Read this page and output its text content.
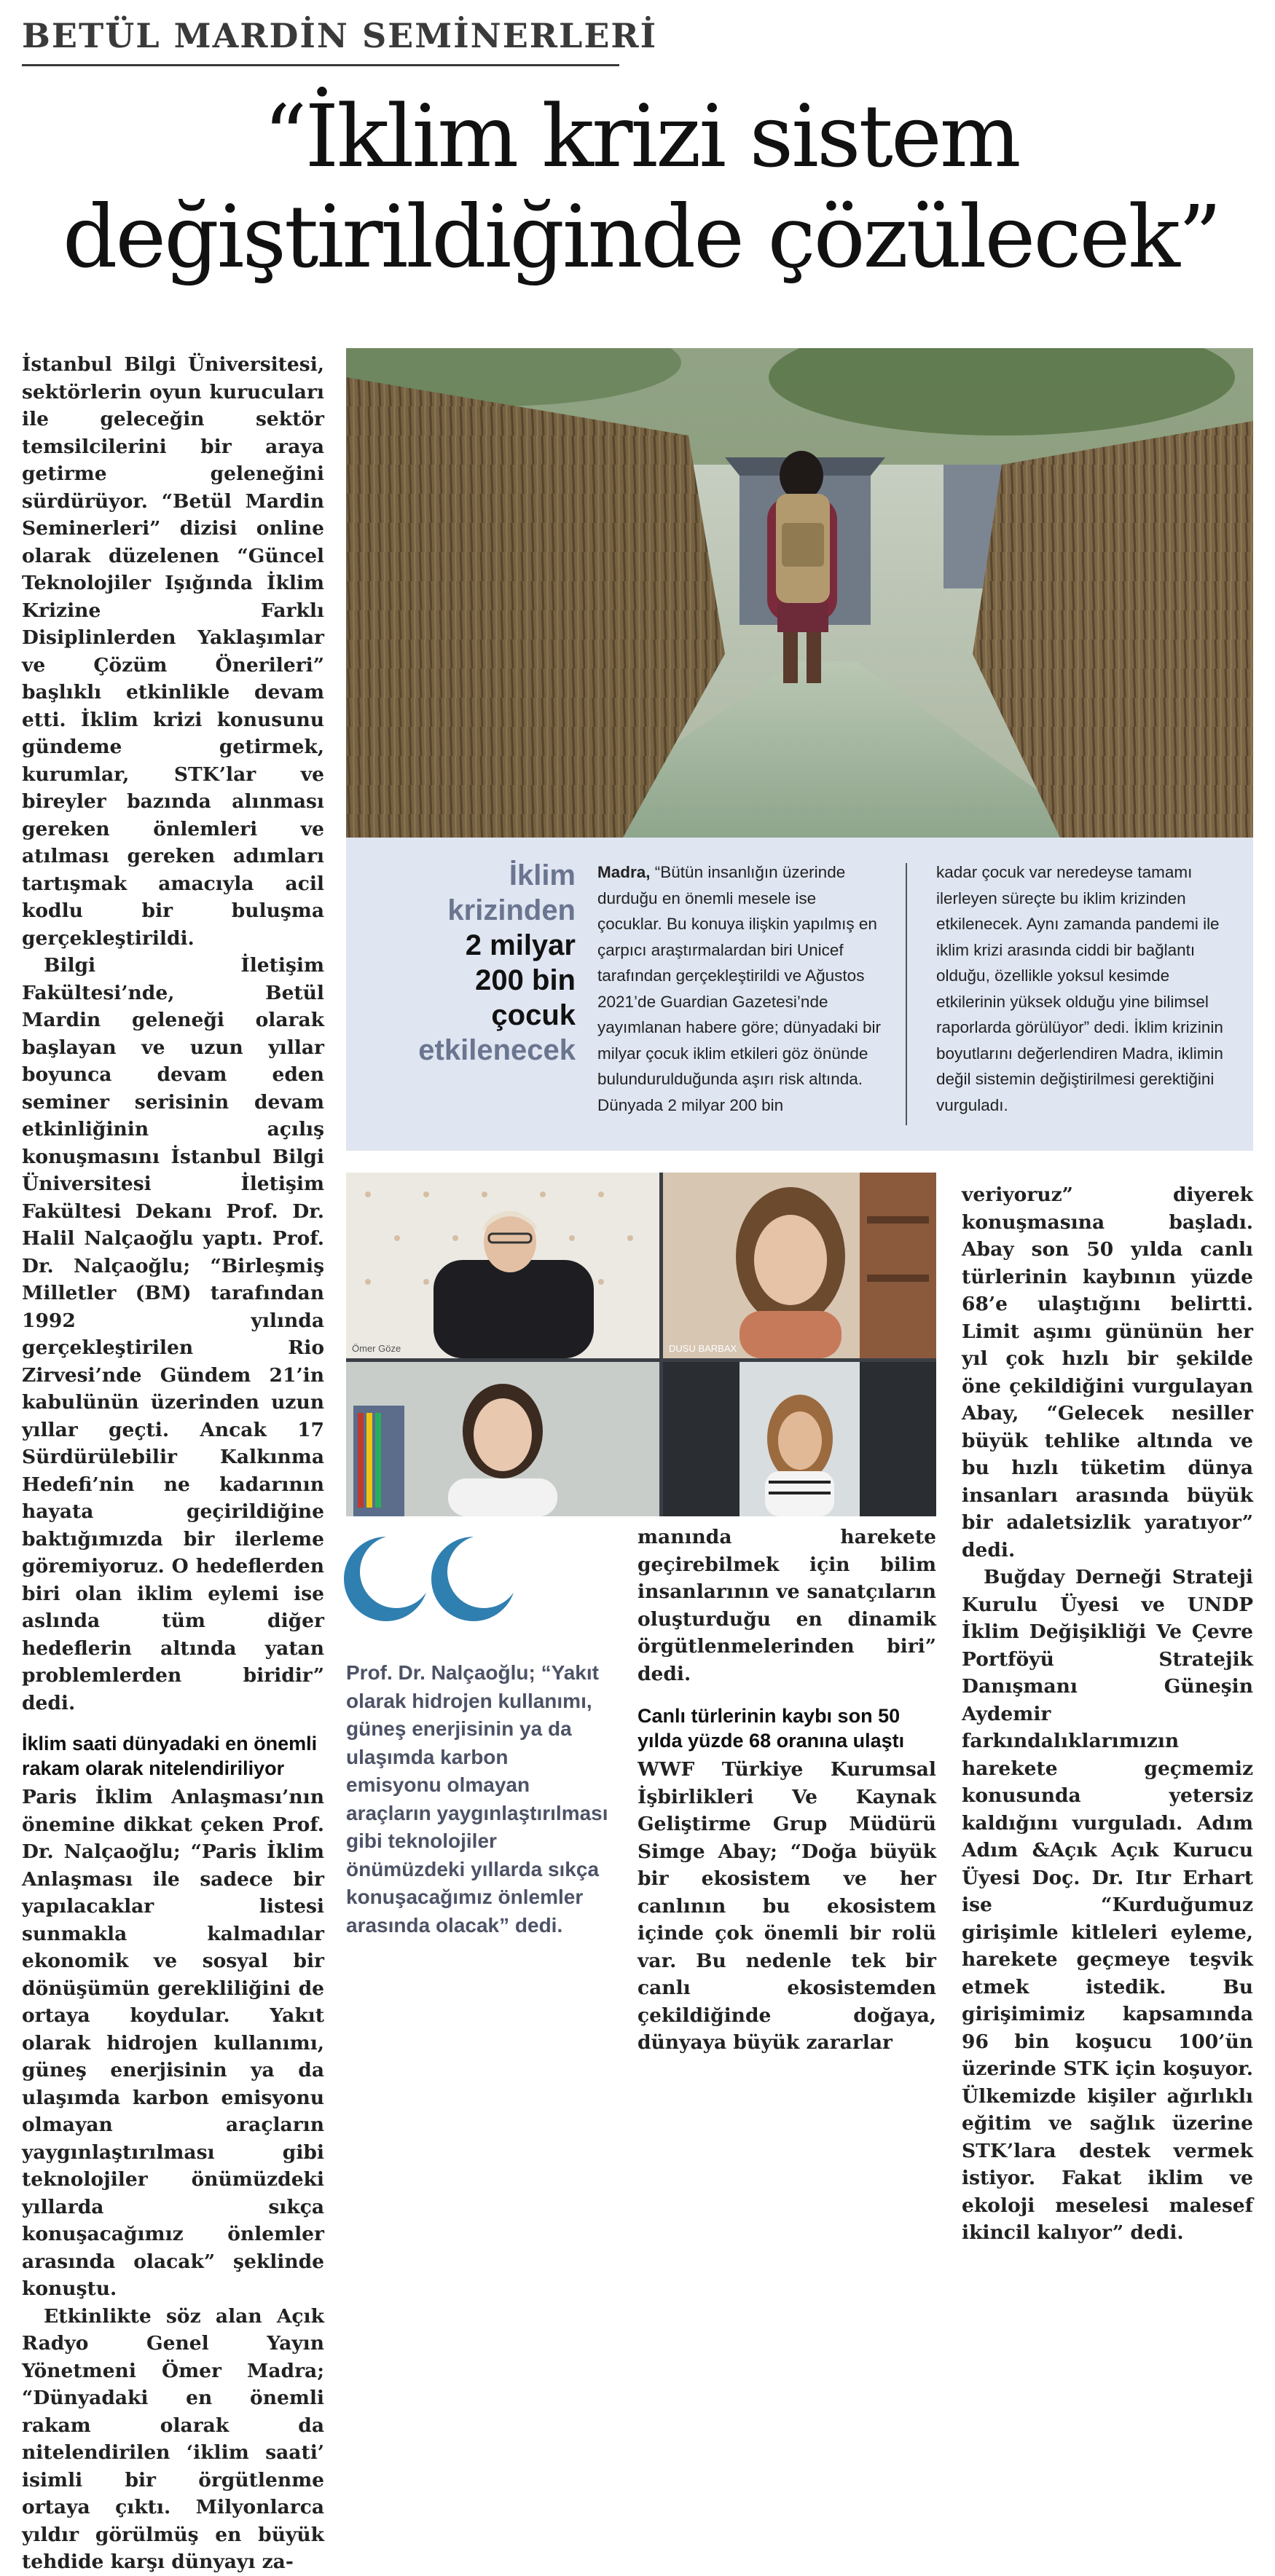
BETÜL MARDİN SEMİNERLERİ
“İklim krizi sistem
değiştirildiğinde çözülecek”

İstanbul Bilgi Üniversitesi, sektörlerin oyun kurucuları ile geleceğin sektör temsilcilerini bir araya getirme geleneğini sürdürüyor. “Betül Mardin Seminerleri” dizisi online olarak düzelenen “Güncel Teknolojiler Işığında İklim Krizine Farklı Disiplinlerden Yaklaşımlar ve Çözüm Önerileri” başlıklı etkinlikle devam etti. İklim krizi konusunu gündeme getirmek, kurumlar, STK’lar ve bireyler bazında alınması gereken önlemleri ve atılması gereken adımları tartışmak amacıyla acil kodlu bir buluşma gerçekleştirildi.

Bilgi İletişim Fakültesi’nde, Betül Mardin geleneği olarak başlayan ve uzun yıllar boyunca devam eden seminer serisinin devam etkinliğinin açılış konuşmasını İstanbul Bilgi Üniversitesi İletişim Fakültesi Dekanı Prof. Dr. Halil Nalçaoğlu yaptı. Prof. Dr. Nalçaoğlu; “Birleşmiş Milletler (BM) tarafından 1992 yılında gerçekleştirilen Rio Zirvesi’nde Gündem 21’in kabulünün üzerinden uzun yıllar geçti. Ancak 17 Sürdürülebilir Kalkınma Hedefi’nin ne kadarının hayata geçirildiğine baktığımızda bir ilerleme göremiyoruz. O hedeflerden biri olan iklim eylemi ise aslında tüm diğer hedeflerin altında yatan problemlerden biridir” dedi.

İklim saati dünyadaki en önemli rakam olarak nitelendiriliyor

Paris İklim Anlaşması’nın önemine dikkat çeken Prof. Dr. Nalçaoğlu; “Paris İklim Anlaşması ile sadece bir yapılacaklar listesi sunmakla kalmadılar ekonomik ve sosyal bir dönüşümün gerekliliğini de ortaya koydular. Yakıt olarak hidrojen kullanımı, güneş enerjisinin ya da ulaşımda karbon emisyonu olmayan araçların yaygınlaştırılması gibi teknolojiler önümüzdeki yıllarda sıkça konuşacağımız önlemler arasında olacak” şeklinde konuştu.

Etkinlikte söz alan Açık Radyo Genel Yayın Yönetmeni Ömer Madra; “Dünyadaki en önemli rakam olarak da nitelendirilen ‘iklim saati’ isimli bir örgütlenme ortaya çıktı. Milyonlarca yıldır görülmüş en büyük tehdide karşı dünyayı za-

İklim
krizinden
2 milyar
200 bin
çocuk
etkilenecek
Madra, “Bütün insanlığın üzerinde durduğu en önemli mesele ise çocuklar. Bu konuya ilişkin yapılmış en çarpıcı araştırmalardan biri Unicef tarafından gerçekleştirildi ve Ağustos 2021’de Guardian Gazetesi’nde yayımlanan habere göre; dünyadaki bir milyar çocuk iklim etkileri göz önünde bulundurulduğunda aşırı risk altında. Dünyada 2 milyar 200 bin
kadar çocuk var neredeyse tamamı ilerleyen süreçte bu iklim krizinden etkilenecek. Aynı zamanda pandemi ile iklim krizi arasında ciddi bir bağlantı olduğu, özellikle yoksul kesimde etkilerinin yüksek olduğu yine bilimsel raporlarda görülüyor” dedi. İklim krizinin boyutlarını değerlendiren Madra, iklimin değil sistemin değiştirilmesi gerektiğini vurguladı.
Ömer Göze	DUSU BARBAX
Prof. Dr. Nalçaoğlu; “Yakıt olarak hidrojen kullanımı, güneş enerjisinin ya da ulaşımda karbon emisyonu olmayan araçların yaygınlaştırılması gibi teknolojiler önümüzdeki yıllarda sıkça konuşacağımız önlemler arasında olacak” dedi.

manında harekete geçirebilmek için bilim insanlarının ve sanatçıların oluşturduğu en dinamik örgütlenmelerinden biri” dedi.

Canlı türlerinin kaybı son 50 yılda yüzde 68 oranına ulaştı

WWF Türkiye Kurumsal İşbirlikleri Ve Kaynak Geliştirme Grup Müdürü Simge Abay; “Doğa büyük bir ekosistem ve her canlının bu ekosistem içinde çok önemli bir rolü var. Bu nedenle tek bir canlı ekosistemden çekildiğinde doğaya, dünyaya büyük zararlar

veriyoruz” diyerek konuşmasına başladı. Abay son 50 yılda canlı türlerinin kaybının yüzde 68’e ulaştığını belirtti. Limit aşımı gününün her yıl çok hızlı bir şekilde öne çekildiğini vurgulayan Abay, “Gelecek nesiller büyük tehlike altında ve bu hızlı tüketim dünya insanları arasında büyük bir adaletsizlik yaratıyor” dedi.

Buğday Derneği Strateji Kurulu Üyesi ve UNDP İklim Değişikliği Ve Çevre Portföyü Stratejik Danışmanı Güneşin Aydemir farkındalıklarımızın harekete geçmemiz konusunda yetersiz kaldığını vurguladı. Adım Adım &Açık Açık Kurucu Üyesi Doç. Dr. Itır Erhart ise “Kurduğumuz girişimle kitleleri eyleme, harekete geçmeye teşvik etmek istedik. Bu girişimimiz kapsamında 96 bin koşucu 100’ün üzerinde STK için koşuyor. Ülkemizde kişiler ağırlıklı eğitim ve sağlık üzerine STK’lara destek vermek istiyor. Fakat iklim ve ekoloji meselesi malesef ikincil kalıyor” dedi.
